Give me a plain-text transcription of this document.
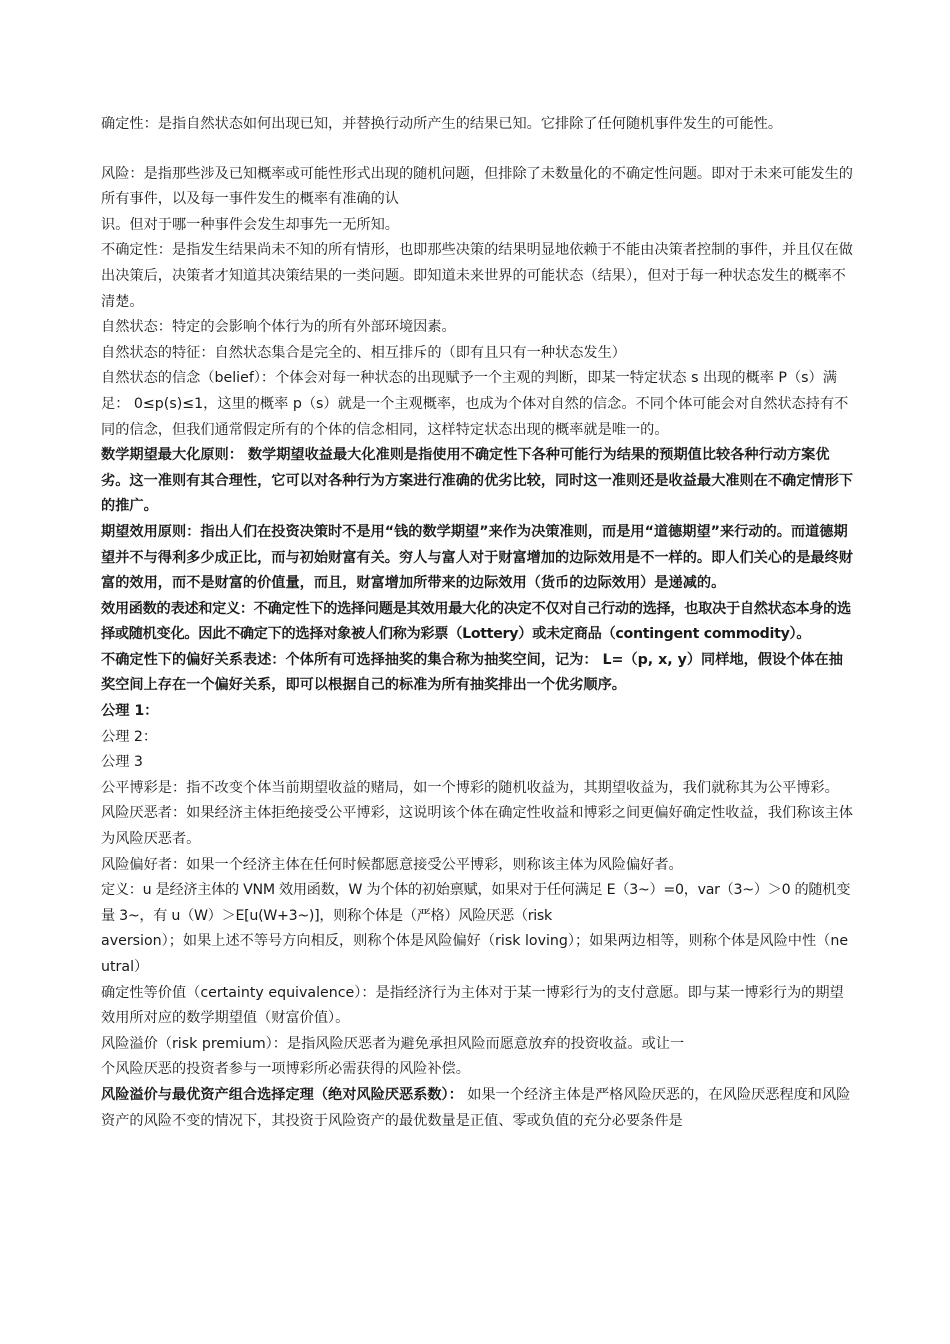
确定性：是指自然状态如何出现已知，并替换行动所产生的结果已知。它排除了任何随机事件发生的可能性。

风险：是指那些涉及已知概率或可能性形式出现的随机问题，但排除了未数量化的不确定性问题。即对于未来可能发生的所有事件，以及每一事件发生的概率有准确的认

识。但对于哪一种事件会发生却事先一无所知。

不确定性：是指发生结果尚未不知的所有情形，也即那些决策的结果明显地依赖于不能由决策者控制的事件，并且仅在做出决策后，决策者才知道其决策结果的一类问题。即知道未来世界的可能状态（结果），但对于每一种状态发生的概率不清楚。

自然状态：特定的会影响个体行为的所有外部环境因素。

自然状态的特征：自然状态集合是完全的、相互排斥的（即有且只有一种状态发生）

自然状态的信念（belief）：个体会对每一种状态的出现赋予一个主观的判断，即某一特定状态 s 出现的概率 P（s）满足： 0≤p(s)≤1，这里的概率 p（s）就是一个主观概率，也成为个体对自然的信念。不同个体可能会对自然状态持有不同的信念，但我们通常假定所有的个体的信念相同，这样特定状态出现的概率就是唯一的。

数学期望最大化原则： 数学期望收益最大化准则是指使用不确定性下各种可能行为结果的预期值比较各种行动方案优劣。这一准则有其合理性，它可以对各种行为方案进行准确的优劣比较，同时这一准则还是收益最大准则在不确定情形下的推广。

期望效用原则：指出人们在投资决策时不是用“钱的数学期望”来作为决策准则，而是用“道德期望”来行动的。而道德期望并不与得利多少成正比，而与初始财富有关。穷人与富人对于财富增加的边际效用是不一样的。即人们关心的是最终财富的效用，而不是财富的价值量，而且，财富增加所带来的边际效用（货币的边际效用）是递减的。

效用函数的表述和定义：不确定性下的选择问题是其效用最大化的决定不仅对自己行动的选择，也取决于自然状态本身的选择或随机变化。因此不确定下的选择对象被人们称为彩票（Lottery）或未定商品（contingent commodity）。

不确定性下的偏好关系表述：个体所有可选择抽奖的集合称为抽奖空间，记为： L=（p, x, y）同样地，假设个体在抽奖空间上存在一个偏好关系，即可以根据自己的标准为所有抽奖排出一个优劣顺序。

公理 1：

公理 2：

公理 3

公平博彩是：指不改变个体当前期望收益的赌局，如一个博彩的随机收益为，其期望收益为，我们就称其为公平博彩。

风险厌恶者：如果经济主体拒绝接受公平博彩，这说明该个体在确定性收益和博彩之间更偏好确定性收益，我们称该主体为风险厌恶者。

风险偏好者：如果一个经济主体在任何时候都愿意接受公平博彩，则称该主体为风险偏好者。

定义：u 是经济主体的 VNM 效用函数，W 为个体的初始禀赋，如果对于任何满足 E（3~）=0，var（3~）＞0 的随机变量 3~，有 u（W）＞E[u(W+3~)]，则称个体是（严格）风险厌恶（risk

aversion）；如果上述不等号方向相反，则称个体是风险偏好（risk loving）；如果两边相等，则称个体是风险中性（neutral）

确定性等价值（certainty equivalence）：是指经济行为主体对于某一博彩行为的支付意愿。即与某一博彩行为的期望效用所对应的数学期望值（财富价值）。

风险溢价（risk premium）：是指风险厌恶者为避免承担风险而愿意放弃的投资收益。或让一

个风险厌恶的投资者参与一项博彩所必需获得的风险补偿。

风险溢价与最优资产组合选择定理（绝对风险厌恶系数）： 如果一个经济主体是严格风险厌恶的，在风险厌恶程度和风险资产的风险不变的情况下，其投资于风险资产的最优数量是正值、零或负值的充分必要条件是
